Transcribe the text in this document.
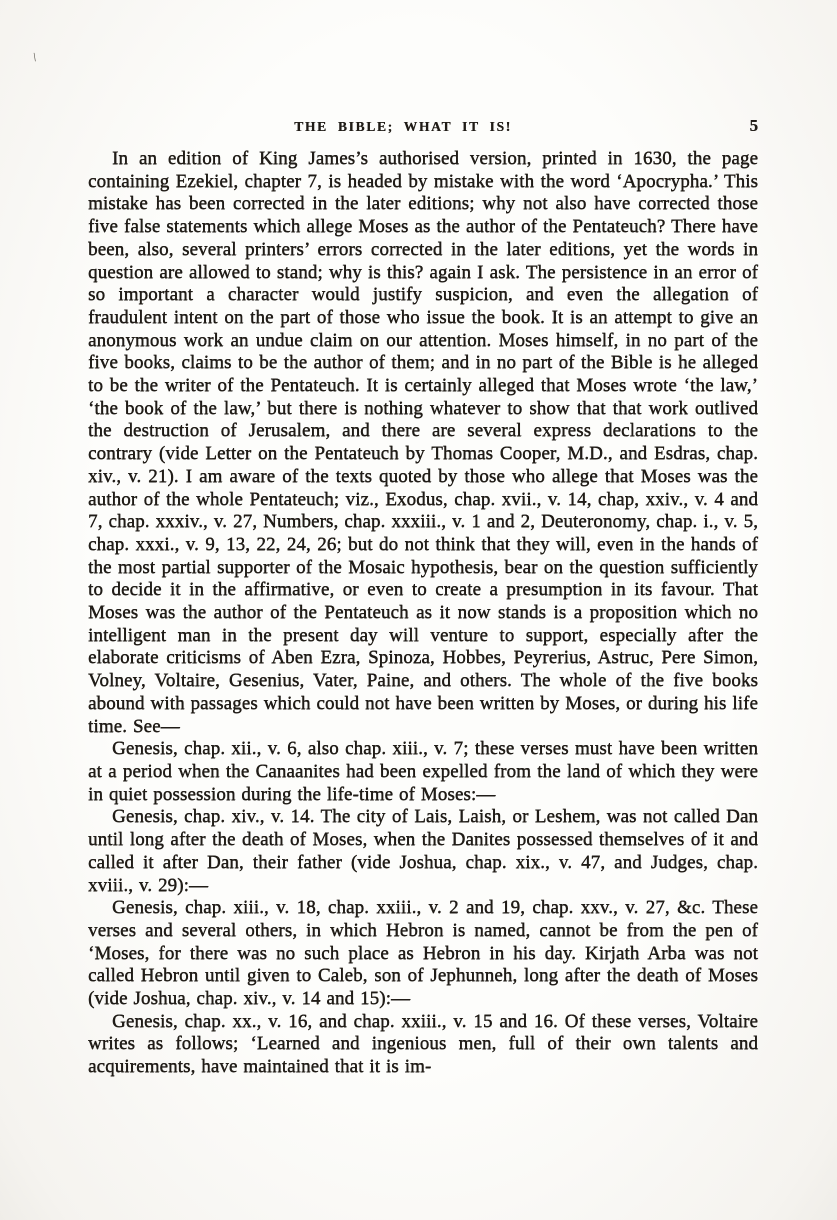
\
THE BIBLE; WHAT IT IS!	5

In an edition of King James’s authorised version, printed in 1630, the page containing Ezekiel, chapter 7, is headed by mistake with the word ‘Apocrypha.’ This mistake has been corrected in the later editions; why not also have corrected those five false statements which allege Moses as the author of the Pentateuch? There have been, also, several printers’ errors corrected in the later editions, yet the words in question are allowed to stand; why is this? again I ask. The persistence in an error of so important a character would justify suspicion, and even the allegation of fraudulent intent on the part of those who issue the book. It is an attempt to give an anonymous work an undue claim on our attention. Moses himself, in no part of the five books, claims to be the author of them; and in no part of the Bible is he alleged to be the writer of the Pentateuch. It is certainly alleged that Moses wrote ‘the law,’ ‘the book of the law,’ but there is nothing whatever to show that that work outlived the destruction of Jerusalem, and there are several express declarations to the contrary (vide Letter on the Pentateuch by Thomas Cooper, M.D., and Esdras, chap. xiv., v. 21). I am aware of the texts quoted by those who allege that Moses was the author of the whole Pentateuch; viz., Exodus, chap. xvii., v. 14, chap, xxiv., v. 4 and 7, chap. xxxiv., v. 27, Numbers, chap. xxxiii., v. 1 and 2, Deuteronomy, chap. i., v. 5, chap. xxxi., v. 9, 13, 22, 24, 26; but do not think that they will, even in the hands of the most partial supporter of the Mosaic hypothesis, bear on the question sufficiently to decide it in the affirmative, or even to create a presumption in its favour. That Moses was the author of the Pentateuch as it now stands is a proposition which no intelligent man in the present day will venture to support, especially after the elaborate criticisms of Aben Ezra, Spinoza, Hobbes, Peyrerius, Astruc, Pere Simon, Volney, Voltaire, Gesenius, Vater, Paine, and others. The whole of the five books abound with passages which could not have been written by Moses, or during his life time. See—

Genesis, chap. xii., v. 6, also chap. xiii., v. 7; these verses must have been written at a period when the Canaanites had been expelled from the land of which they were in quiet possession during the life-time of Moses:—

Genesis, chap. xiv., v. 14. The city of Lais, Laish, or Leshem, was not called Dan until long after the death of Moses, when the Danites possessed themselves of it and called it after Dan, their father (vide Joshua, chap. xix., v. 47, and Judges, chap. xviii., v. 29):—

Genesis, chap. xiii., v. 18, chap. xxiii., v. 2 and 19, chap. xxv., v. 27, &c. These verses and several others, in which Hebron is named, cannot be from the pen of ‘Moses, for there was no such place as Hebron in his day. Kirjath Arba was not called Hebron until given to Caleb, son of Jephunneh, long after the death of Moses (vide Joshua, chap. xiv., v. 14 and 15):—

Genesis, chap. xx., v. 16, and chap. xxiii., v. 15 and 16. Of these verses, Voltaire writes as follows; ‘Learned and ingenious men, full of their own talents and acquirements, have maintained that it is im-
